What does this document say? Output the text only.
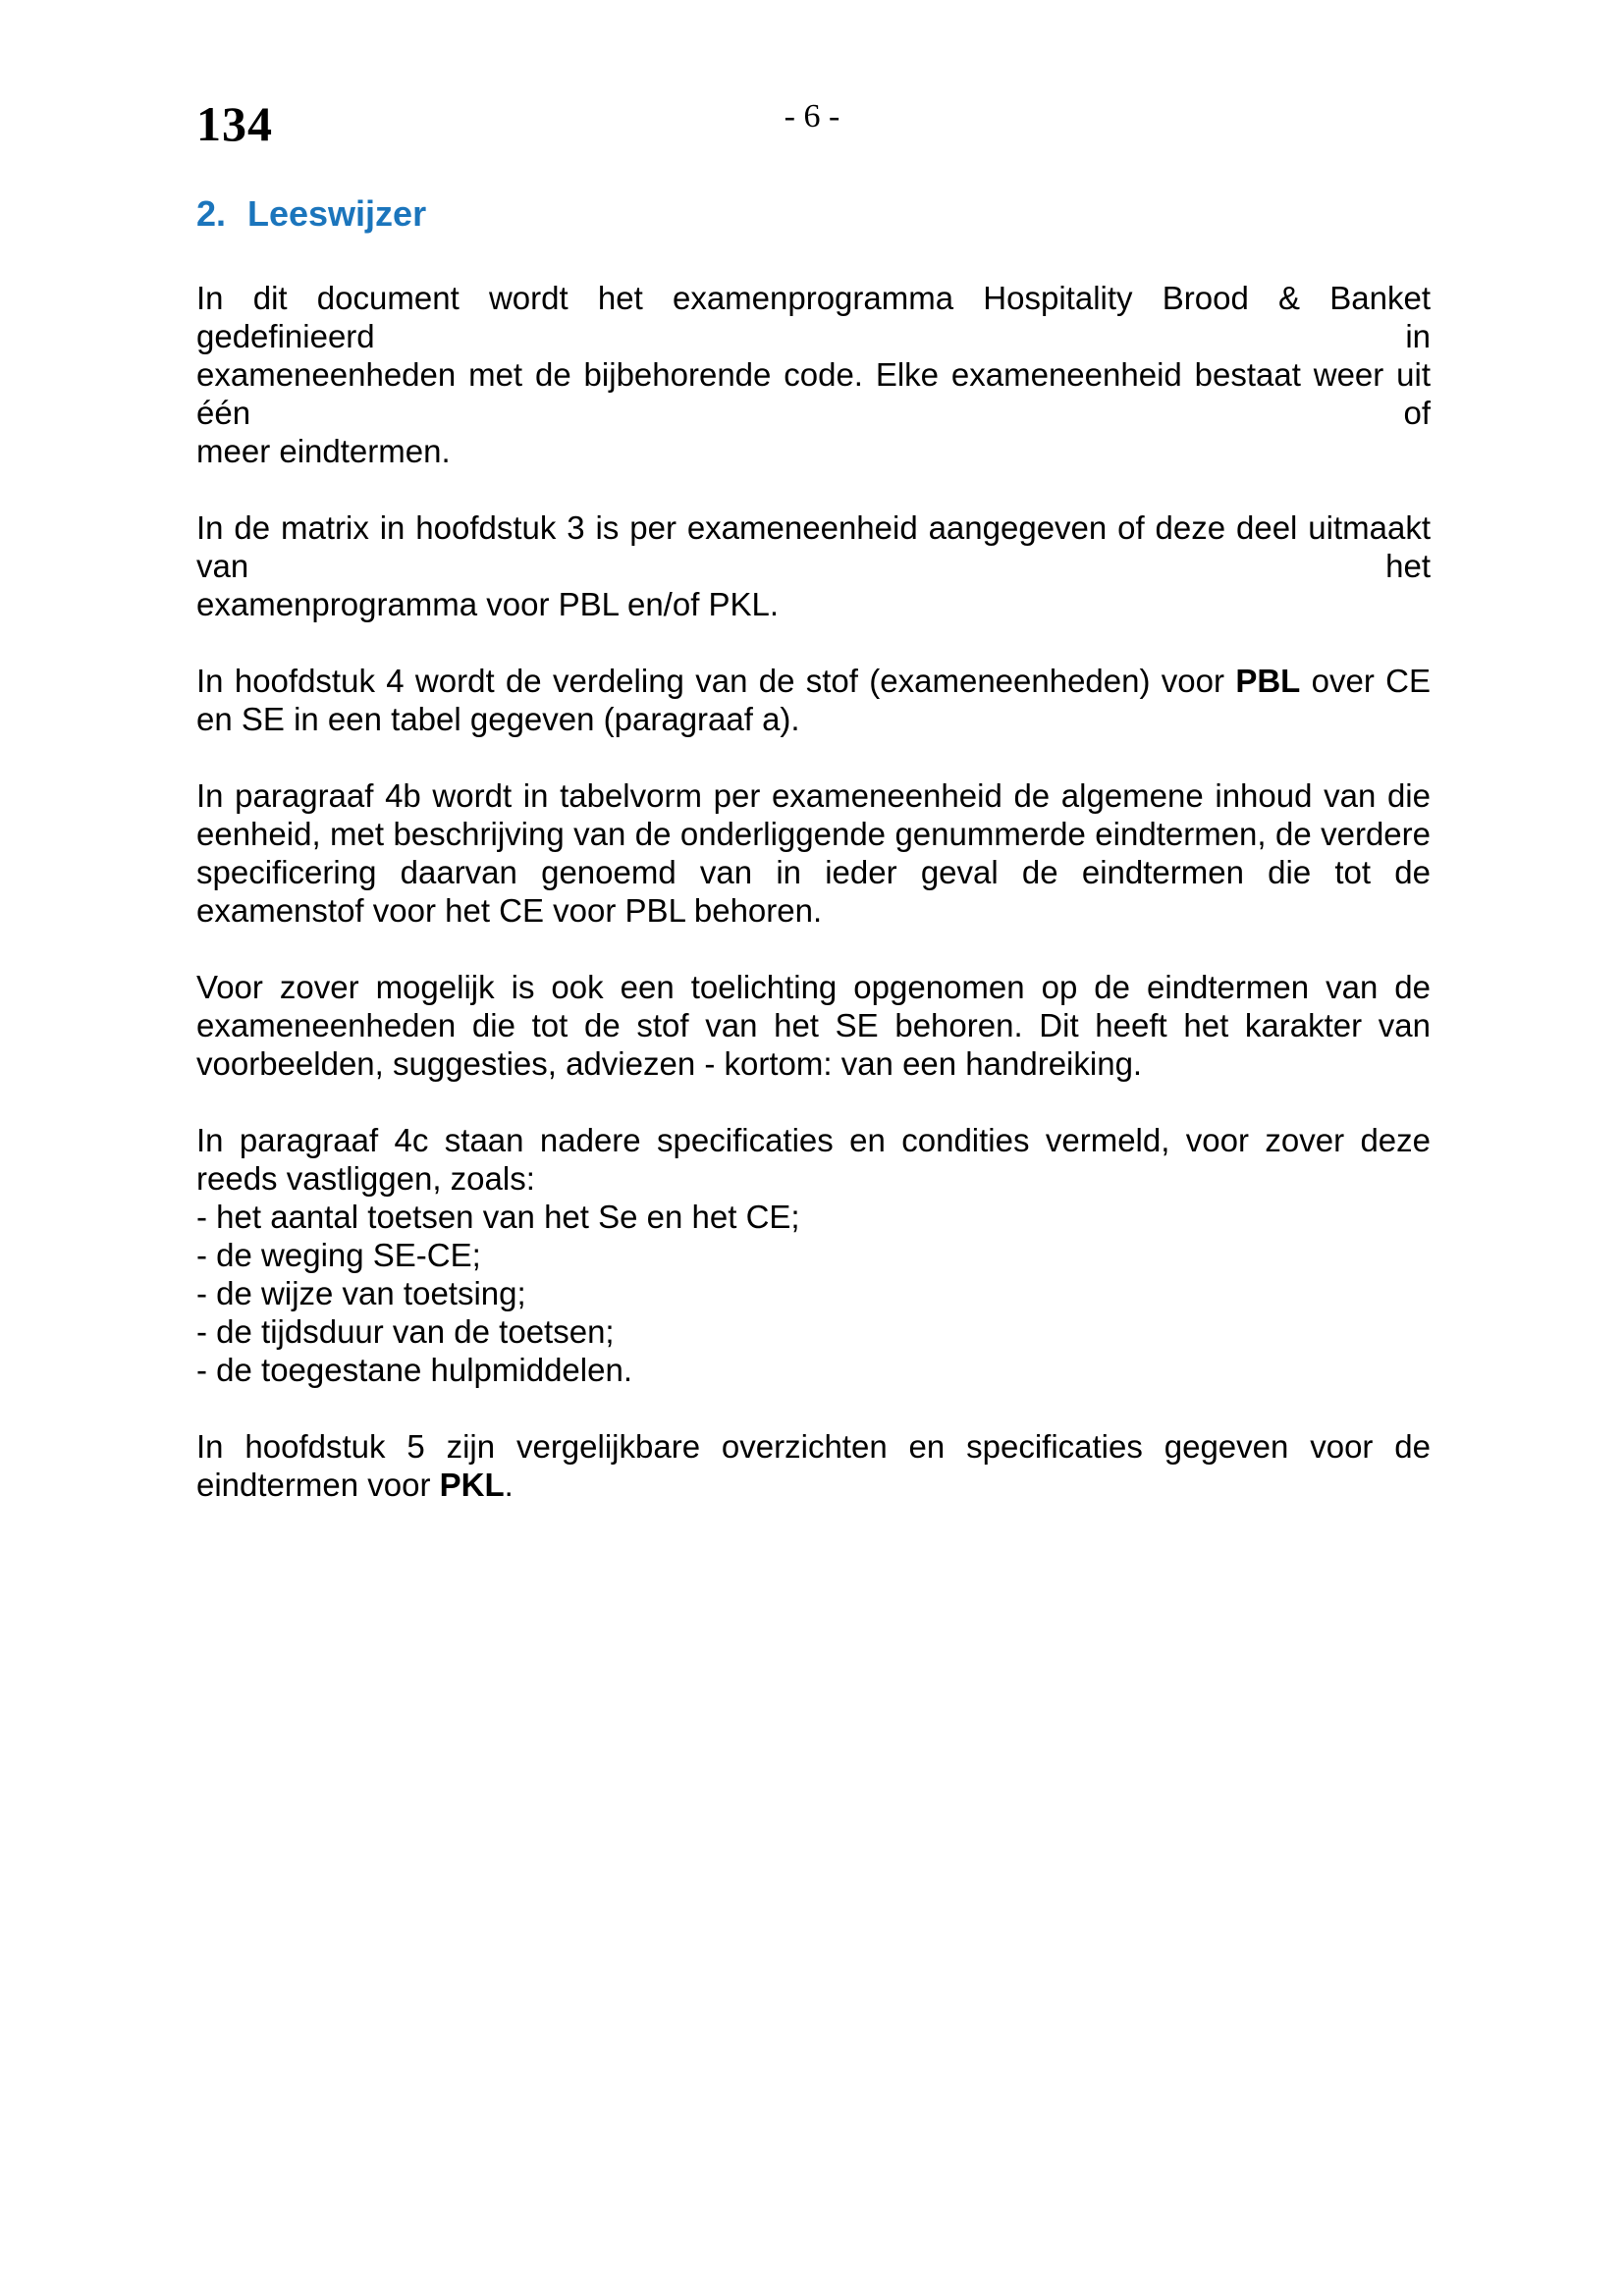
134	- 6 -
2. Leeswijzer
In dit document wordt het examenprogramma Hospitality Brood & Banket gedefinieerd in
exameneenheden met de bijbehorende code. Elke exameneenheid bestaat weer uit één of
meer eindtermen.
In de matrix in hoofdstuk 3 is per exameneenheid aangegeven of deze deel uitmaakt van het
examenprogramma voor PBL en/of PKL.
In hoofdstuk 4 wordt de verdeling van de stof (exameneenheden) voor PBL over CE
en SE in een tabel gegeven (paragraaf a).
In paragraaf 4b wordt in tabelvorm per exameneenheid de algemene inhoud van die
eenheid, met beschrijving van de onderliggende genummerde eindtermen, de verdere
specificering daarvan genoemd van in ieder geval de eindtermen die tot de
examenstof voor het CE voor PBL behoren.
Voor zover mogelijk is ook een toelichting opgenomen op de eindtermen van de
exameneenheden die tot de stof van het SE behoren. Dit heeft het karakter van
voorbeelden, suggesties, adviezen - kortom: van een handreiking.
In paragraaf 4c staan nadere specificaties en condities vermeld, voor zover deze
reeds vastliggen, zoals:
- het aantal toetsen van het Se en het CE;
- de weging SE-CE;
- de wijze van toetsing;
- de tijdsduur van de toetsen;
- de toegestane hulpmiddelen.
In hoofdstuk 5 zijn vergelijkbare overzichten en specificaties gegeven voor de
eindtermen voor PKL.
